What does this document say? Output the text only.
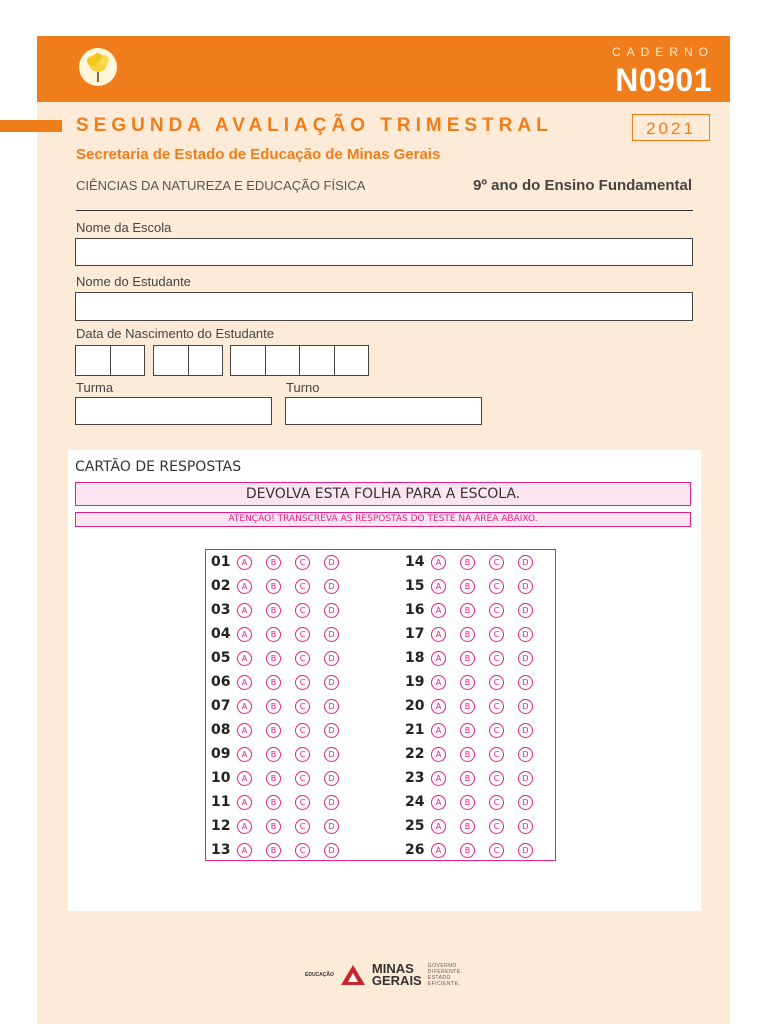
CADERNO
N0901
SEGUNDA AVALIAÇÃO TRIMESTRAL	2021
Secretaria de Estado de Educação de Minas Gerais
CIÊNCIAS DA NATUREZA E EDUCAÇÃO FÍSICA	9º ano do Ensino Fundamental
Nome da Escola
Nome do Estudante
Data de Nascimento do Estudante
Turma	Turno
CARTÃO DE RESPOSTAS
DEVOLVA ESTA FOLHA PARA A ESCOLA.
ATENÇÃO! TRANSCREVA AS RESPOSTAS DO TESTE NA ÁREA ABAIXO.
01	A	B	C	D
02	A	B	C	D
03	A	B	C	D
04	A	B	C	D
05	A	B	C	D
06	A	B	C	D
07	A	B	C	D
08	A	B	C	D
09	A	B	C	D
10	A	B	C	D
11	A	B	C	D
12	A	B	C	D
13	A	B	C	D
14	A	B	C	D
15	A	B	C	D
16	A	B	C	D
17	A	B	C	D
18	A	B	C	D
19	A	B	C	D
20	A	B	C	D
21	A	B	C	D
22	A	B	C	D
23	A	B	C	D
24	A	B	C	D
25	A	B	C	D
26	A	B	C	D
EDUCAÇÃO	MINAS
GERAIS
GOVERNO
DIFERENTE.
ESTADO
EFICIENTE.
